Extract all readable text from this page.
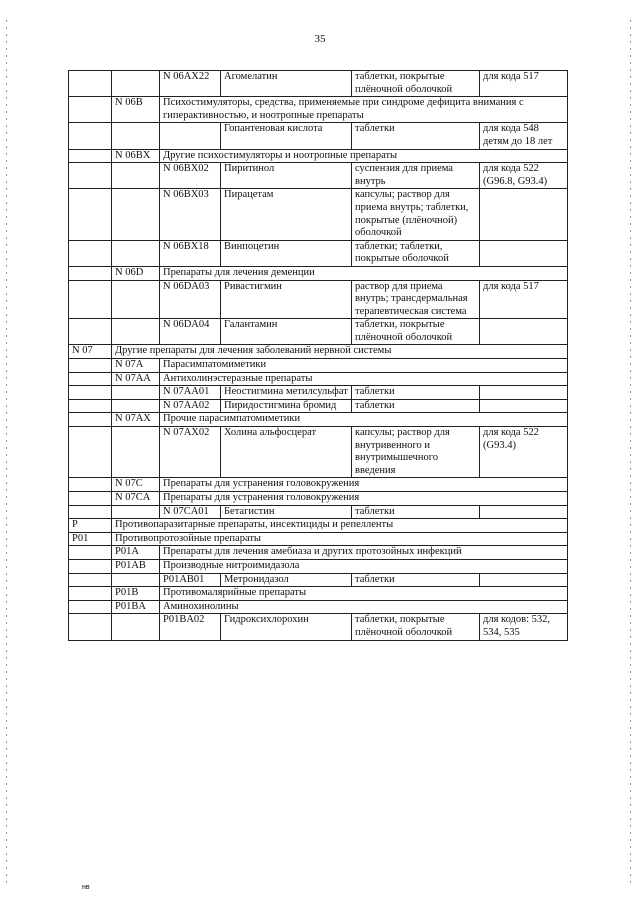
35
		N 06AX22	Агомелатин	таблетки, покрытые плёночной оболочкой	для кода 517
	N 06B	Психостимуляторы, средства, применяемые при синдроме дефицита внимания с гиперактивностью, и ноотропные препараты			
			Гопантеновая кислота	таблетки	для кода 548 детям до 18 лет
	N 06BX	Другие психостимуляторы и ноотропные препараты			
		N 06BX02	Пиритинол	суспензия для приема внутрь	для кода 522 (G96.8, G93.4)
		N 06BX03	Пирацетам	капсулы; раствор для приема внутрь; таблетки, покрытые (плёночной) оболочкой	
		N 06BX18	Винпоцетин	таблетки; таблетки, покрытые оболочкой	
	N 06D	Препараты для лечения деменции			
		N 06DA03	Ривастигмин	раствор для приема внутрь; трансдермальная терапевтическая система	для кода 517
		N 06DA04	Галантамин	таблетки, покрытые плёночной оболочкой	
N 07	Другие препараты для лечения заболеваний нервной системы				
	N 07A	Парасимпатомиметики			
	N 07AA	Антихолинэстеразные препараты			
		N 07AA01	Неостигмина метилсульфат	таблетки	
		N 07AA02	Пиридостигмина бромид	таблетки	
	N 07AX	Прочие парасимпатомиметики			
		N 07AX02	Холина альфосцерат	капсулы; раствор для внутривенного и внутримышечного введения	для кода 522 (G93.4)
	N 07C	Препараты для устранения головокружения			
	N 07CA	Препараты для устранения головокружения			
		N 07CA01	Бетагистин	таблетки	
P	Противопаразитарные препараты, инсектициды и репелленты				
P01	Противопротозойные препараты				
	P01A	Препараты для лечения амебиаза и других протозойных инфекций			
	P01AB	Производные нитроимидазола			
		P01AB01	Метронидазол	таблетки	
	P01B	Противомалярийные препараты			
	P01BA	Аминохинолины			
		P01BA02	Гидроксихлорохин	таблетки, покрытые плёночной оболочкой	для кодов: 532, 534, 535
нв
